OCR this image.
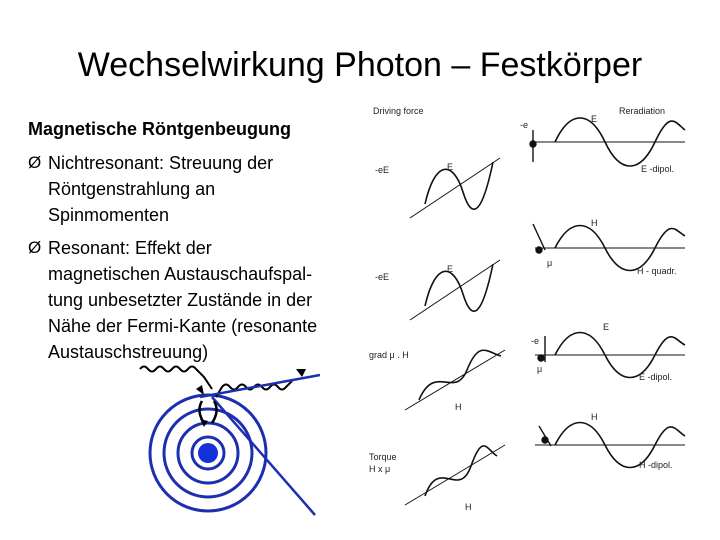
Wechselwirkung Photon – Festkörper
Magnetische Röntgenbeugung
Ø Nichtresonant: Streuung der
Röntgenstrahlung an
Spinmomenten
Ø Resonant: Effekt der
magnetischen Austauschaufspal-
tung unbesetzter Zustände in der
Nähe der Fermi-Kante (resonante
Austauschstreuung)
Driving force	Reradiation
-e
-eE
-eE
grad μ . H
Torque
H x μ
E
E -dipol.
H
H - quadr.
E
E -dipol.
H
H -dipol.
μ
-e
μ
E
E
H
H
